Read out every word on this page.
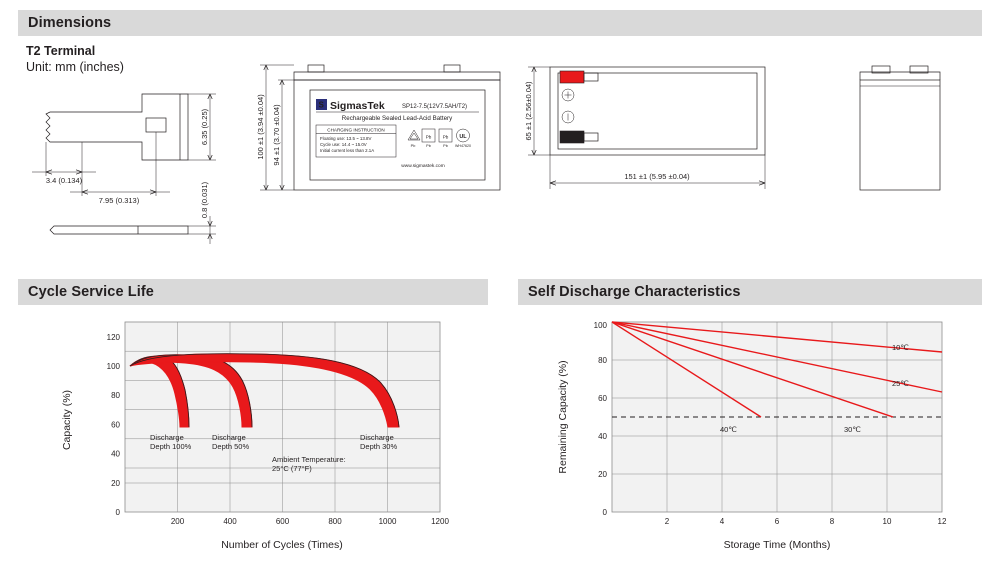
Dimensions
T2 Terminal
Unit: mm (inches)
6.35 (0.25)
3.4 (0.134)
7.95 (0.313)	0.8 (0.031)
S SigmasTek	SP12-7.5(12V7.5AH/T2)
Rechargeable Sealed Lead-Acid Battery
CHARGING INSTRUCTION
Floating use: 13.5 ~ 13.8V
Cycle use: 14.4 ~ 15.0V
Initial current less than 2.1A
Pb Pb
Pb	Pb	Pb
UL
WH47620
www.sigmastek.com
100 ±1 (3.94 ±0.04) 94 ±1 (3.70 ±0.04)	65 ±1 (2.56±0.04)
151 ±1 (5.95 ±0.04)
Cycle Service Life
0
20
40
60
80
100
120
200	400	600	800	1000	1200
Capacity (%)
Number of Cycles (Times)
Discharge
Depth 100%
Discharge
Depth 50%
Discharge
Depth 30%
Ambient Temperature:
25°C (77°F)
Self Discharge Characteristics
0
20
40
60
80
100
2	4	6	8	10	12
Remaining Capacity (%)
Storage Time (Months)
10℃
25℃
30℃
40℃
